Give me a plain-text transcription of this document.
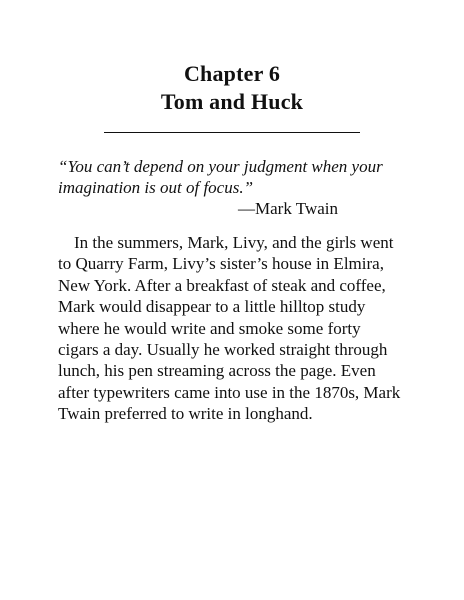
Chapter 6
Tom and Huck
“You can’t depend on your judgment when your
imagination is out of focus.”
—Mark Twain
In the summers, Mark, Livy, and the girls went
to Quarry Farm, Livy’s sister’s house in Elmira,
New York. After a breakfast of steak and coffee,
Mark would disappear to a little hilltop study
where he would write and smoke some forty
cigars a day. Usually he worked straight through
lunch, his pen streaming across the page. Even
after typewriters came into use in the 1870s, Mark
Twain preferred to write in longhand.
